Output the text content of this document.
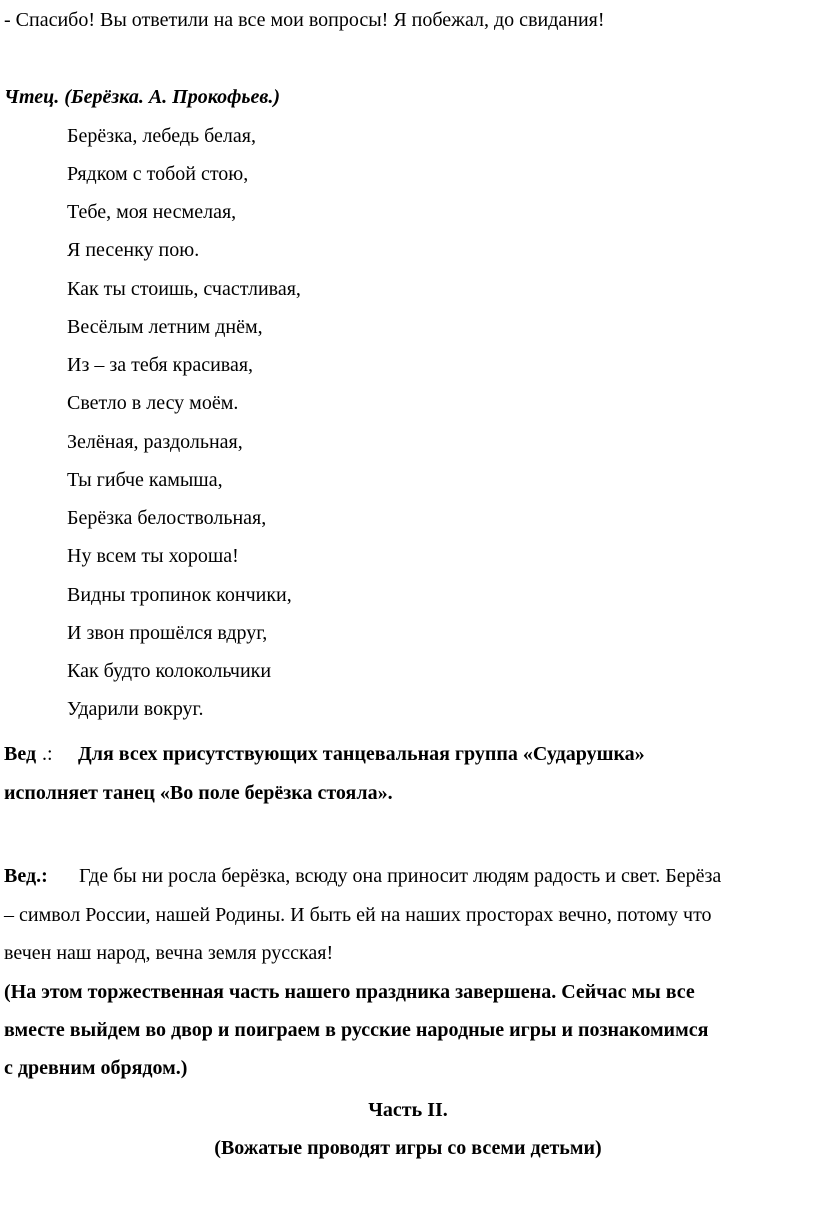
- Спасибо! Вы ответили на все мои вопросы! Я побежал, до свидания!
Чтец. (Берёзка. А. Прокофьев.)
Берёзка, лебедь белая,
Рядком с тобой стою,
Тебе, моя несмелая,
Я песенку пою.
Как ты стоишь, счастливая,
Весёлым летним днём,
Из – за тебя красивая,
Светло в лесу моём.
Зелёная, раздольная,
Ты гибче камыша,
Берёзка белоствольная,
Ну всем ты хороша!
Видны тропинок кончики,
И звон прошёлся вдруг,
Как будто колокольчики
Ударили вокруг.
Вед .: Для всех присутствующих танцевальная группа «Сударушка»
исполняет танец «Во поле берёзка стояла».
Вед.: Где бы ни росла берёзка, всюду она приносит людям радость и свет. Берёза
– символ России, нашей Родины. И быть ей на наших просторах вечно, потому что
вечен наш народ, вечна земля русская!
(На этом торжественная часть нашего праздника завершена. Сейчас мы все
вместе выйдем во двор и поиграем в русские народные игры и познакомимся
с древним обрядом.)
Часть II.
(Вожатые проводят игры со всеми детьми)
